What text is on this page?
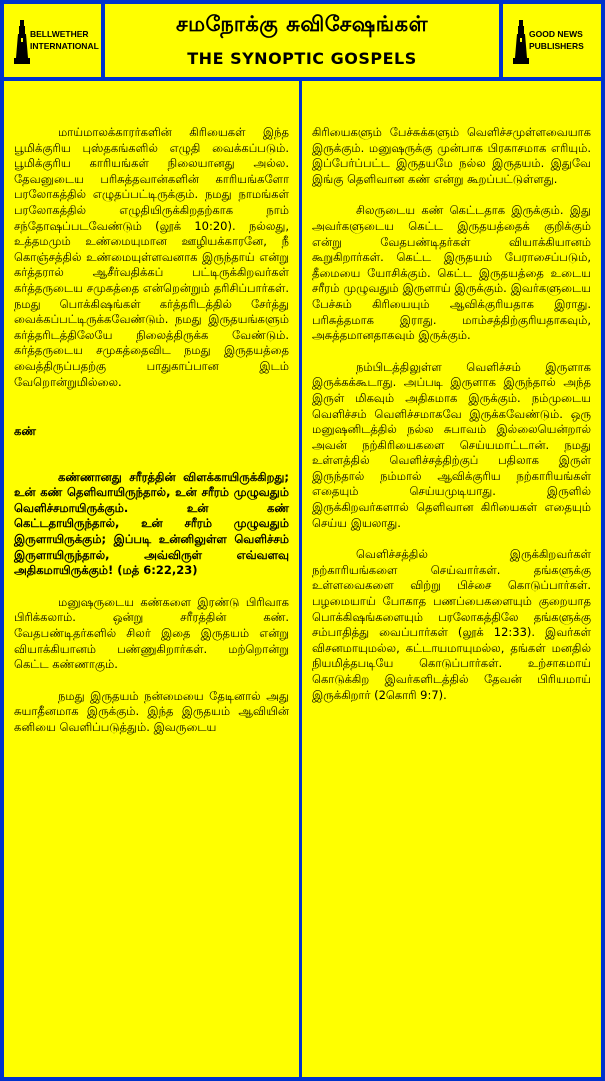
BELLWETHER
INTERNATIONAL
சமநோக்கு சுவிசேஷங்கள்
THE SYNOPTIC GOSPELS
GOOD NEWS
PUBLISHERS

மாய்மாலக்காரர்களின் கிரியைகள் இந்த பூமிக்குரிய புஸ்தகங்களில் எழுதி வைக்கப்படும். பூமிக்குரிய காரியங்கள் நிலையானது அல்ல. தேவனுடைய பரிசுத்தவான்களின் காரியங்களோ பரலோகத்தில் எழுதப்பட்டிருக்கும். நமது நாமங்கள் பரலோகத்தில் எழுதியிருக்கிறதற்காக நாம் சந்தோஷப்படவேண்டும் (லூக் 10:20). நல்லது, உத்தமமும் உண்மையுமான ஊழியக்காரனே, நீ கொஞ்சத்தில் உண்மையுள்ளவனாக இருந்தாய் என்று கர்த்தரால் ஆசீர்வதிக்கப் பட்டிருக்கிறவர்கள் கர்த்தருடைய சமுகத்தை என்றென்றும் தரிசிப்பார்கள். நமது பொக்கிஷங்கள் கர்த்தரிடத்தில் சேர்த்து வைக்கப்பட்டிருக்கவேண்டும். நமது இருதயங்களும் கர்த்தரிடத்திலேயே நிலைத்திருக்க வேண்டும். கர்த்தருடைய சமுகத்தைவிட நமது இருதயத்தை வைத்திருப்பதற்கு பாதுகாப்பான இடம் வேறொன்றுமில்லை.

கண்

கண்ணானது சரீரத்தின் விளக்காயிருக்கிறது; உன் கண் தெளிவாயிருந்தால், உன் சரீரம் முழுவதும் வெளிச்சமாயிருக்கும். உன் கண் கெட்டதாயிருந்தால், உன் சரீரம் முழுவதும் இருளாயிருக்கும்; இப்படி உன்னிலுள்ள வெளிச்சம் இருளாயிருந்தால், அவ்விருள் எவ்வளவு அதிகமாயிருக்கும்! (மத் 6:22,23)

மனுஷருடைய கண்களை இரண்டு பிரிவாக பிரிக்கலாம். ஒன்று சரீரத்தின் கண். வேதபண்டிதர்களில் சிலர் இதை இருதயம் என்று வியாக்கியானம் பண்ணுகிறார்கள். மற்றொன்று கெட்ட கண்ணாகும்.

நமது இருதயம் நன்மையை தேடினால் அது சுயாதீனமாக இருக்கும். இந்த இருதயம் ஆவியின் கனியை வெளிப்படுத்தும். இவருடைய

கிரியைகளும் பேச்சுக்களும் வெளிச்சமுள்ளவையாக இருக்கும். மனுஷருக்கு முன்பாக பிரகாசமாக எரியும். இப்பேர்ப்பட்ட இருதயமே நல்ல இருதயம். இதுவே இங்கு தெளிவான கண் என்று கூறப்பட்டுள்ளது.

சிலருடைய கண் கெட்டதாக இருக்கும். இது அவர்களுடைய கெட்ட இருதயத்தைக் குறிக்கும் என்று வேதபண்டிதர்கள் வியாக்கியானம் கூறுகிறார்கள். கெட்ட இருதயம் பேராசைப்படும், தீமையை யோசிக்கும். கெட்ட இருதயத்தை உடைய சரீரம் முழுவதும் இருளாய் இருக்கும். இவர்களுடைய பேச்சும் கிரியையும் ஆவிக்குரியதாக இராது. பரிசுத்தமாக இராது. மாம்சத்திற்குரியதாகவும், அசுத்தமானதாகவும் இருக்கும்.

நம்பிடத்திலுள்ள வெளிச்சம் இருளாக இருக்கக்கூடாது. அப்படி இருளாக இருந்தால் அந்த இருள் மிகவும் அதிகமாக இருக்கும். நம்முடைய வெளிச்சம் வெளிச்சமாகவே இருக்கவேண்டும். ஒரு மனுஷனிடத்தில் நல்ல சுபாவம் இல்லையென்றால் அவன் நற்கிரியைகளை செய்யமாட்டான். நமது உள்ளத்தில் வெளிச்சத்திற்குப் பதிலாக இருள் இருந்தால் நம்மால் ஆவிக்குரிய நற்காரியங்கள் எதையும் செய்யமுடியாது. இருளில் இருக்கிறவர்களால் தெளிவான கிரியைகள் எதையும் செய்ய இயலாது.

வெளிச்சத்தில் இருக்கிறவர்கள் நற்காரியங்களை செய்வார்கள். தங்களுக்கு உள்ளவைகளை விற்று பிச்சை கொடுப்பார்கள். பழமையாய் போகாத பணப்பைகளையும் குறையாத பொக்கிஷங்களையும் பரலோகத்திலே தங்களுக்கு சம்பாதித்து வைப்பார்கள் (லூக் 12:33). இவர்கள் விசனமாயுமல்ல, கட்டாயமாயுமல்ல, தங்கள் மனதில் நியமித்தபடியே கொடுப்பார்கள். உற்சாகமாய் கொடுக்கிற இவர்களிடத்தில் தேவன் பிரியமாய் இருக்கிறார் (2கொரி 9:7).
